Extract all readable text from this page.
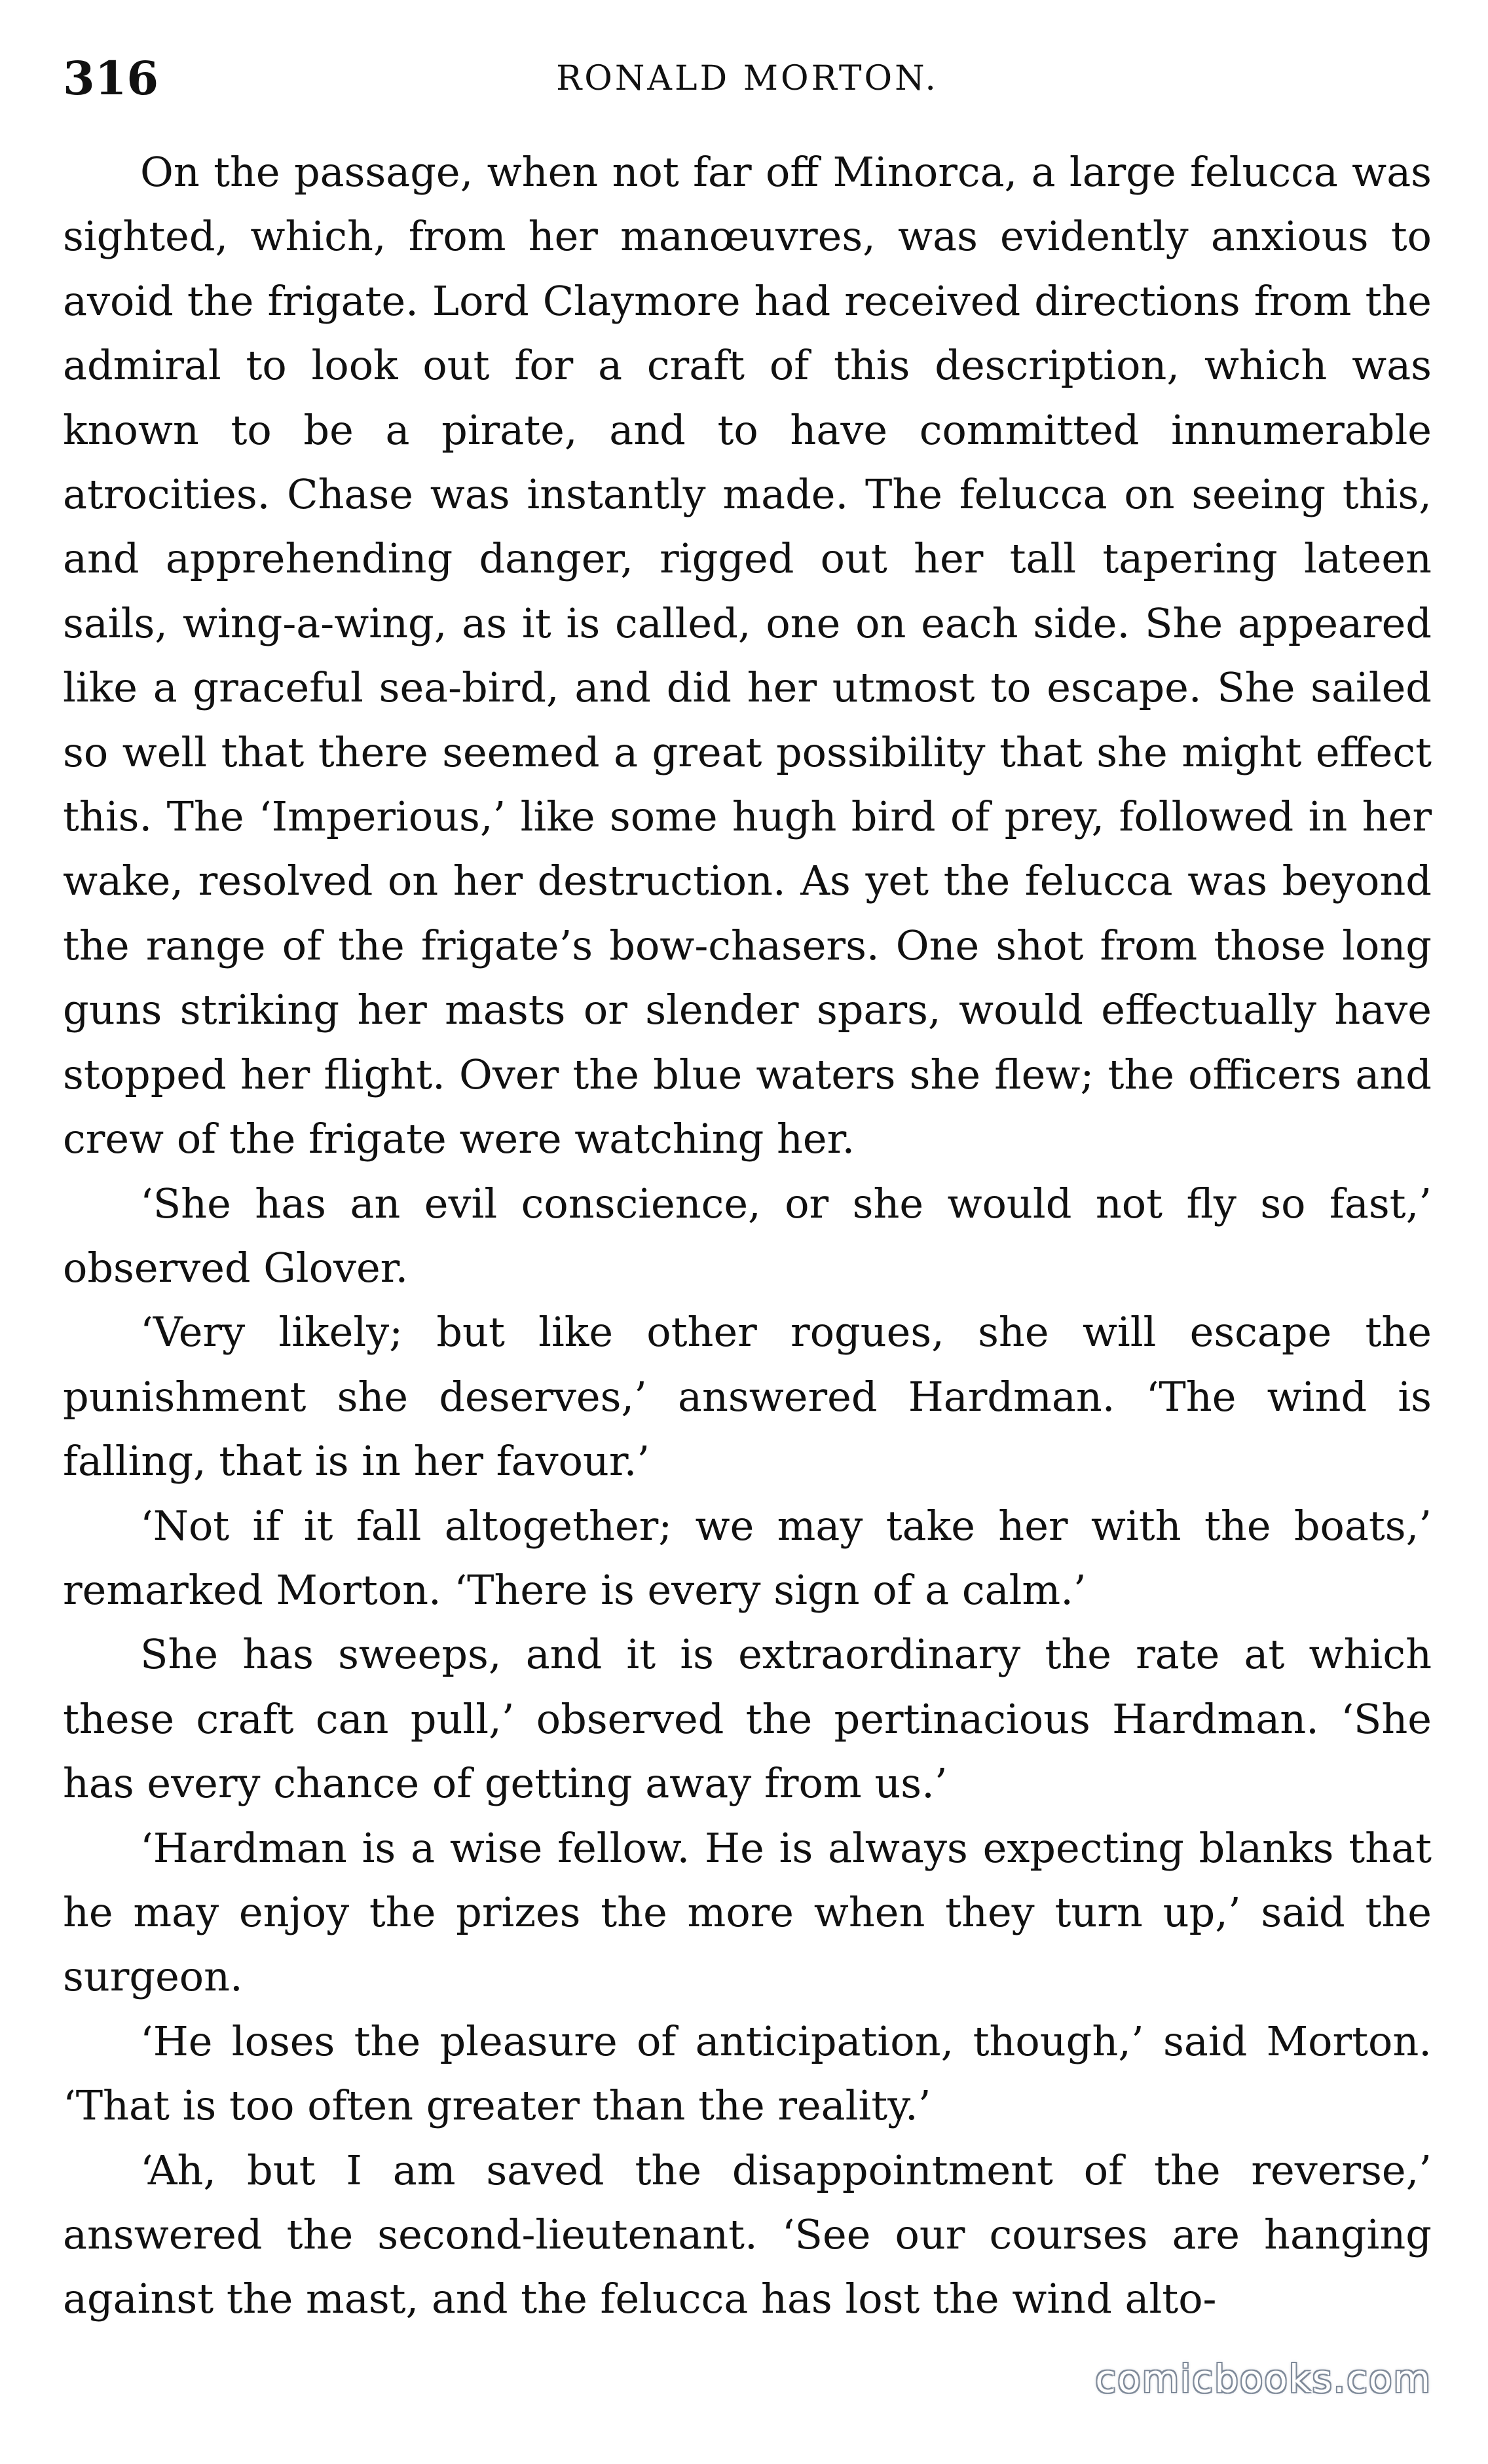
316	RONALD MORTON.

On the passage, when not far off Minorca, a large felucca was sighted, which, from her manœuvres, was evidently anxious to avoid the frigate. Lord Claymore had received directions from the admiral to look out for a craft of this description, which was known to be a pirate, and to have committed innumerable atrocities. Chase was instantly made. The felucca on seeing this, and apprehending danger, rigged out her tall tapering lateen sails, wing-a-wing, as it is called, one on each side. She appeared like a graceful sea-bird, and did her utmost to escape. She sailed so well that there seemed a great possibility that she might effect this. The ‘Imperious,’ like some hugh bird of prey, followed in her wake, resolved on her destruction. As yet the felucca was beyond the range of the frigate’s bow-chasers. One shot from those long guns striking her masts or slender spars, would effectually have stopped her flight. Over the blue waters she flew; the officers and crew of the frigate were watching her.

‘She has an evil conscience, or she would not fly so fast,’ observed Glover.

‘Very likely; but like other rogues, she will escape the punishment she deserves,’ answered Hardman. ‘The wind is falling, that is in her favour.’

‘Not if it fall altogether; we may take her with the boats,’ remarked Morton. ‘There is every sign of a calm.’

She has sweeps, and it is extraordinary the rate at which these craft can pull,’ observed the pertinacious Hardman. ‘She has every chance of getting away from us.’

‘Hardman is a wise fellow. He is always expecting blanks that he may enjoy the prizes the more when they turn up,’ said the surgeon.

‘He loses the pleasure of anticipation, though,’ said Morton. ‘That is too often greater than the reality.’

‘Ah, but I am saved the disappointment of the reverse,’ answered the second-lieutenant. ‘See our courses are hanging against the mast, and the felucca has lost the wind alto-

comicbooks.com
